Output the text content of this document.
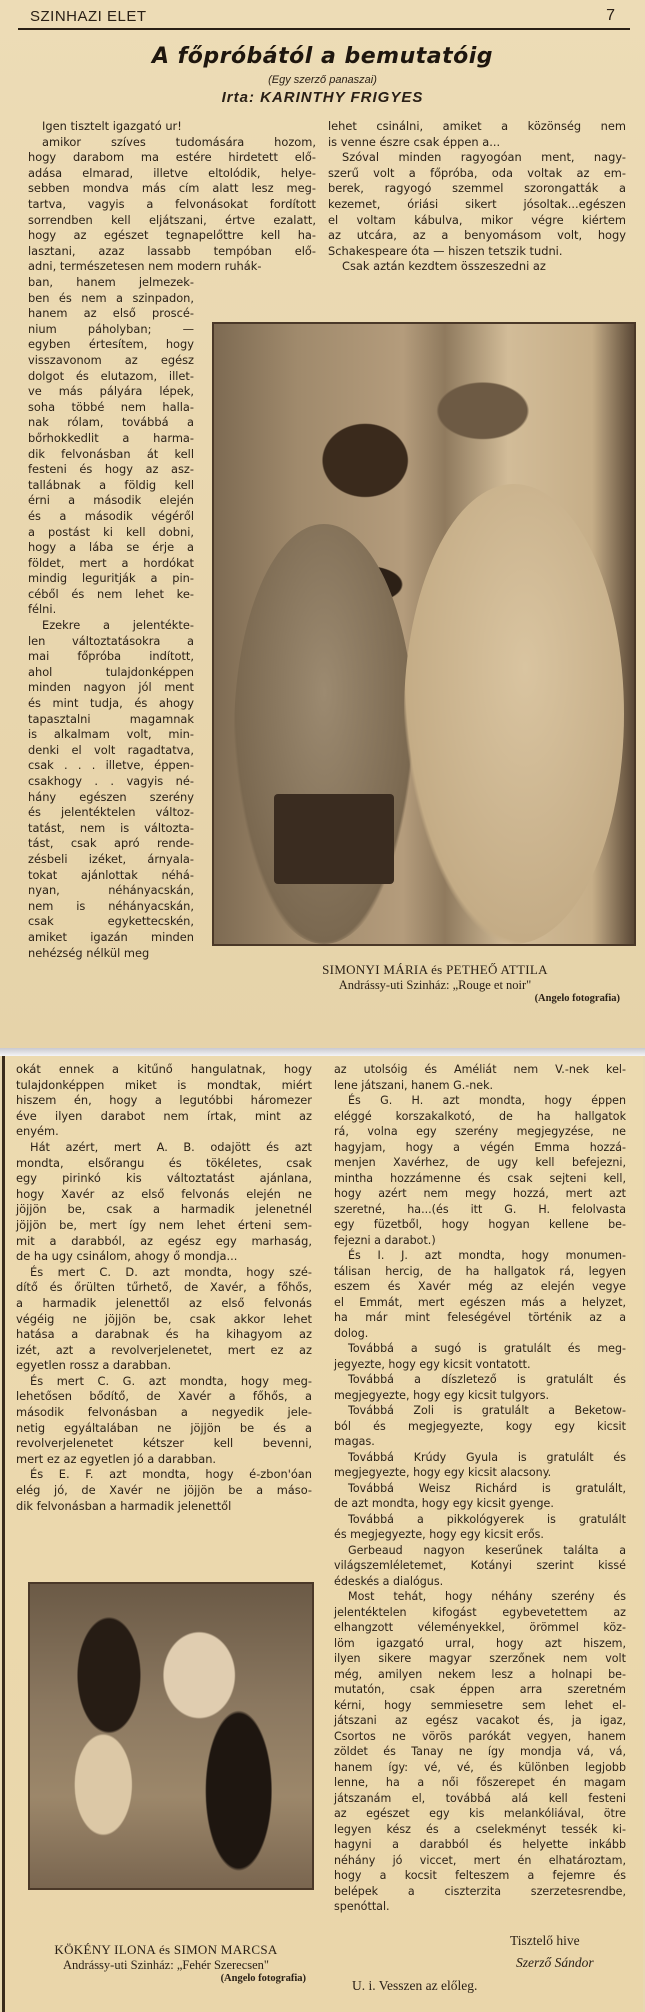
SZINHAZI ELET	7
A főpróbától a bemutatóig
(Egy szerző panaszai)
Irta: KARINTHY FRIGYES
Igen tisztelt igazgató ur!
amikor szíves tudomására hozom,
hogy darabom ma estére hirdetett elő-
adása elmarad, illetve eltolódik, helye-
sebben mondva más cím alatt lesz meg-
tartva, vagyis a felvonásokat fordított
sorrendben kell eljátszani, értve ezalatt,
hogy az egészet tegnapelőttre kell ha-
lasztani, azaz lassabb tempóban elő-
adni, természetesen nem modern ruhák-
ban, hanem jelmezek-
ben és nem a szinpadon,
hanem az első proscé-
nium páholyban; —
egyben értesítem, hogy
visszavonom az egész
dolgot és elutazom, illet-
ve más pályára lépek,
soha többé nem halla-
nak rólam, továbbá a
bőrhokkedlit a harma-
dik felvonásban át kell
festeni és hogy az asz-
tallábnak a földig kell
érni a második elején
és a második végéről
a postást ki kell dobni,
hogy a lába se érje a
földet, mert a hordókat
mindig leguritják a pin-
céből és nem lehet ke-
félni.
Ezekre a jelentékte-
len változtatásokra a
mai főpróba indított,
ahol tulajdonképpen
minden nagyon jól ment
és mint tudja, és ahogy
tapasztalni magamnak
is alkalmam volt, min-
denki el volt ragadtatva,
csak . . . illetve, éppen-
csakhogy . . vagyis né-
hány egészen szerény
és jelentéktelen változ-
tatást, nem is változta-
tást, csak apró rende-
zésbeli izéket, árnyala-
tokat ajánlottak néhá-
nyan, néhányacskán,
nem is néhányacskán,
csak egykettecskén,
amiket igazán minden
nehézség nélkül meg
lehet csinálni, amiket a közönség nem
is venne észre csak éppen a...
Szóval minden ragyogóan ment, nagy-
szerű volt a főpróba, oda voltak az em-
berek, ragyogó szemmel szorongatták a
kezemet, óriási sikert jósoltak...egészen
el voltam kábulva, mikor végre kiértem
az utcára, az a benyomásom volt, hogy
Schakespeare óta — hiszen tetszik tudni.
Csak aztán kezdtem összeszedni az
SIMONYI MÁRIA és PETHEŐ ATTILA
Andrássy-uti Szinház: „Rouge et noir"
(Angelo fotografia)
okát ennek a kitűnő hangulatnak, hogy
tulajdonképpen miket is mondtak, miért
hiszem én, hogy a legutóbbi háromezer
éve ilyen darabot nem írtak, mint az
enyém.
Hát azért, mert A. B. odajött és azt
mondta, elsőrangu és tökéletes, csak
egy pirinkó kis változtatást ajánlana,
hogy Xavér az első felvonás elején ne
jöjjön be, csak a harmadik jelenetnél
jöjjön be, mert így nem lehet érteni sem-
mit a darabból, az egész egy marhaság,
de ha ugy csinálom, ahogy ő mondja...
És mert C. D. azt mondta, hogy szé-
dítő és őrülten tűrhető, de Xavér, a főhős,
a harmadik jelenettől az első felvonás
végéig ne jöjjön be, csak akkor lehet
hatása a darabnak és ha kihagyom az
izét, azt a revolverjelenetet, mert ez az
egyetlen rossz a darabban.
És mert C. G. azt mondta, hogy meg-
lehetősen bődítő, de Xavér a főhős, a
második felvonásban a negyedik jele-
netig egyáltalában ne jöjjön be és a
revolverjelenetet kétszer kell bevenni,
mert ez az egyetlen jó a darabban.
És E. F. azt mondta, hogy é-zbon'óan
elég jó, de Xavér ne jöjjön be a máso-
dik felvonásban a harmadik jelenettől
KÖKÉNY ILONA és SIMON MARCSA
Andrássy-uti Szinház: „Fehér Szerecsen"
(Angelo fotografia)
az utolsóig és Améliát nem V.-nek kel-
lene játszani, hanem G.-nek.
És G. H. azt mondta, hogy éppen
eléggé korszakalkotó, de ha hallgatok
rá, volna egy szerény megjegyzése, ne
hagyjam, hogy a végén Emma hozzá-
menjen Xavérhez, de ugy kell befejezni,
mintha hozzámenne és csak sejteni kell,
hogy azért nem megy hozzá, mert azt
szeretné, ha...(és itt G. H. felolvasta
egy füzetből, hogy hogyan kellene be-
fejezni a darabot.)
És I. J. azt mondta, hogy monumen-
tálisan hercig, de ha hallgatok rá, legyen
eszem és Xavér még az elején vegye
el Emmát, mert egészen más a helyzet,
ha már mint feleségével történik az a
dolog.
Továbbá a sugó is gratulált és meg-
jegyezte, hogy egy kicsit vontatott.
Továbbá a díszletező is gratulált és
megjegyezte, hogy egy kicsit tulgyors.
Továbbá Zoli is gratulált a Beketow-
ból és megjegyezte, kogy egy kicsit
magas.
Továbbá Krúdy Gyula is gratulált és
megjegyezte, hogy egy kicsit alacsony.
Továbbá Weisz Richárd is gratulált,
de azt mondta, hogy egy kicsit gyenge.
Továbbá a pikkológyerek is gratulált
és megjegyezte, hogy egy kicsit erős.
Gerbeaud nagyon keserűnek találta a
világszemléletemet, Kotányi szerint kissé
édeskés a dialógus.
Most tehát, hogy néhány szerény és
jelentéktelen kifogást egybevetettem az
elhangzott véleményekkel, örömmel köz-
löm igazgató urral, hogy azt hiszem,
ilyen sikere magyar szerzőnek nem volt
még, amilyen nekem lesz a holnapi be-
mutatón, csak éppen arra szeretném
kérni, hogy semmiesetre sem lehet el-
játszani az egész vacakot és, ja igaz,
Csortos ne vörös parókát vegyen, hanem
zöldet és Tanay ne így mondja vá, vá,
hanem így: vé, vé, és különben legjobb
lenne, ha a női főszerepet én magam
játszanám el, továbbá alá kell festeni
az egészet egy kis melankóliával, ötre
legyen kész és a cselekményt tessék ki-
hagyni a darabból és helyette inkább
néhány jó viccet, mert én elhatároztam,
hogy a kocsit felteszem a fejemre és
belépek a ciszterzita szerzetesrendbe,
spenóttal.
Tisztelő hive
Szerző Sándor
U. i. Vesszen az előleg.
